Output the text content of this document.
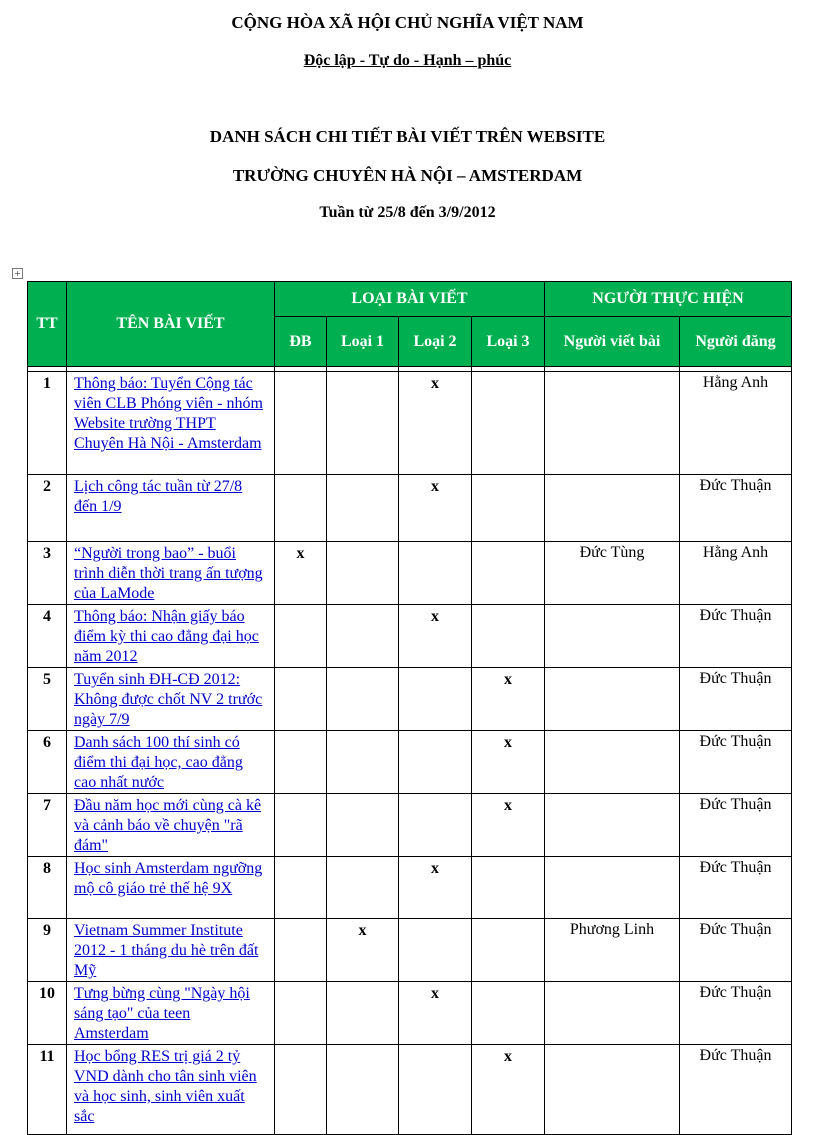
CỘNG HÒA XÃ HỘI CHỦ NGHĨA VIỆT NAM
Độc lập - Tự do - Hạnh – phúc
DANH SÁCH CHI TIẾT BÀI VIẾT TRÊN WEBSITE
TRƯỜNG CHUYÊN HÀ NỘI – AMSTERDAM
Tuần từ 25/8 đến 3/9/2012
+
TT	TÊN BÀI VIẾT	LOẠI BÀI VIẾT				NGƯỜI THỰC HIỆN	
		ĐB	Loại 1	Loại 2	Loại 3	Người viết bài	Người đăng

1	Thông báo: Tuyển Cộng tác viên CLB Phóng viên - nhóm Website trường THPT Chuyên Hà Nội - Amsterdam			x			Hằng Anh
2	Lịch công tác tuần từ 27/8 đến 1/9			x			Đức Thuận
3	“Người trong bao” - buổi trình diễn thời trang ấn tượng của LaMode	x				Đức Tùng	Hằng Anh
4	Thông báo: Nhận giấy báo điểm kỳ thi cao đẳng đại học năm 2012			x			Đức Thuận
5	Tuyển sinh ĐH-CĐ 2012: Không được chốt NV 2 trước ngày 7/9				x		Đức Thuận
6	Danh sách 100 thí sinh có điểm thi đại học, cao đẳng cao nhất nước				x		Đức Thuận
7	Đầu năm học mới cùng cà kê và cảnh báo về chuyện "rã đám"				x		Đức Thuận
8	Học sinh Amsterdam ngưỡng mộ cô giáo trẻ thế hệ 9X			x			Đức Thuận
9	Vietnam Summer Institute 2012 - 1 tháng du hè trên đất Mỹ		x			Phương Linh	Đức Thuận
10	Tưng bừng cùng "Ngày hội sáng tạo" của teen Amsterdam			x			Đức Thuận
11	Học bổng RES trị giá 2 tỷ VND dành cho tân sinh viên và học sinh, sinh viên xuất sắc				x		Đức Thuận
